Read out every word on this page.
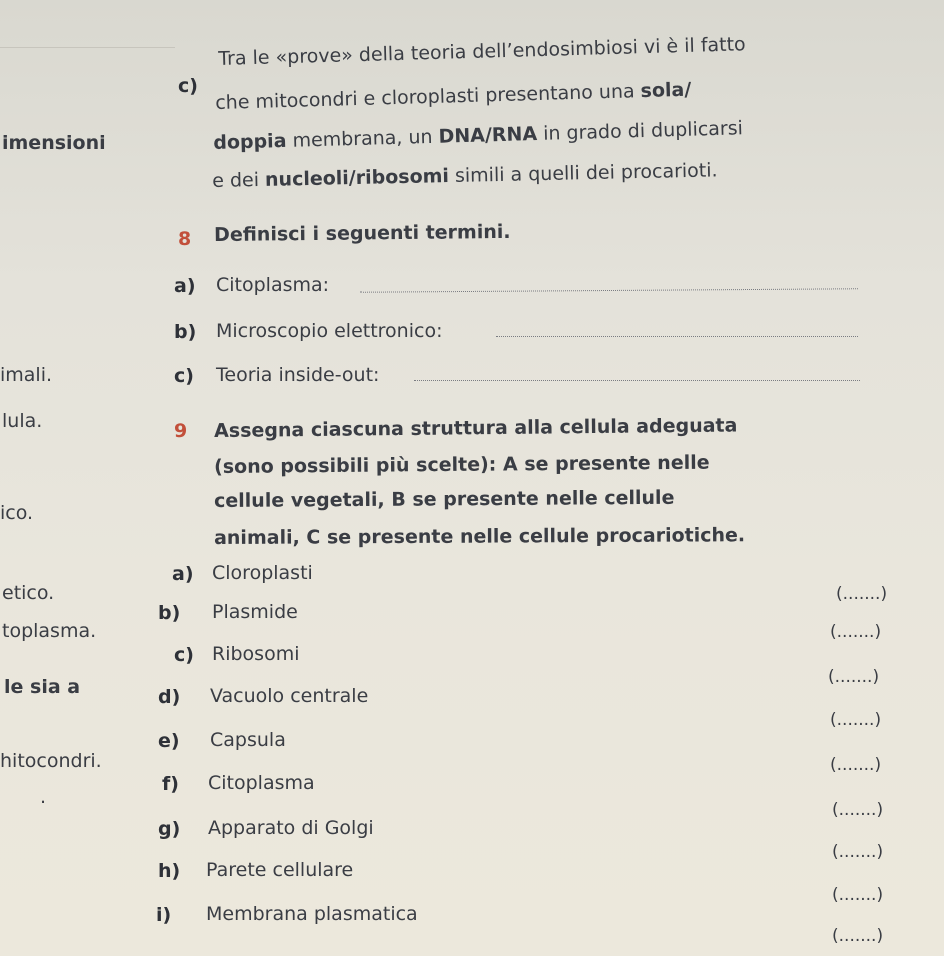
imensioni
imali.
lula.
ico.
etico.
toplasma.
le sia a
hitocondri.
.
c)
Tra le «prove» della teoria dell’endosimbiosi vi è il fatto
che mitocondri e cloroplasti presentano una sola/
doppia membrana, un DNA/RNA in grado di duplicarsi
e dei nucleoli/ribosomi simili a quelli dei procarioti.
8 Definisci i seguenti termini.
a) Citoplasma:
b) Microscopio elettronico:
c) Teoria inside-out:
9 Assegna ciascuna struttura alla cellula adeguata
(sono possibili più scelte): A se presente nelle
cellule vegetali, B se presente nelle cellule
animali, C se presente nelle cellule procariotiche.
a) Cloroplasti
b) Plasmide
c) Ribosomi
d) Vacuolo centrale
e) Capsula
f) Citoplasma
g) Apparato di Golgi
h) Parete cellulare
i) Membrana plasmatica
(.......)
(.......)
(.......)
(.......)
(.......)
(.......)
(.......)
(.......)
(.......)
